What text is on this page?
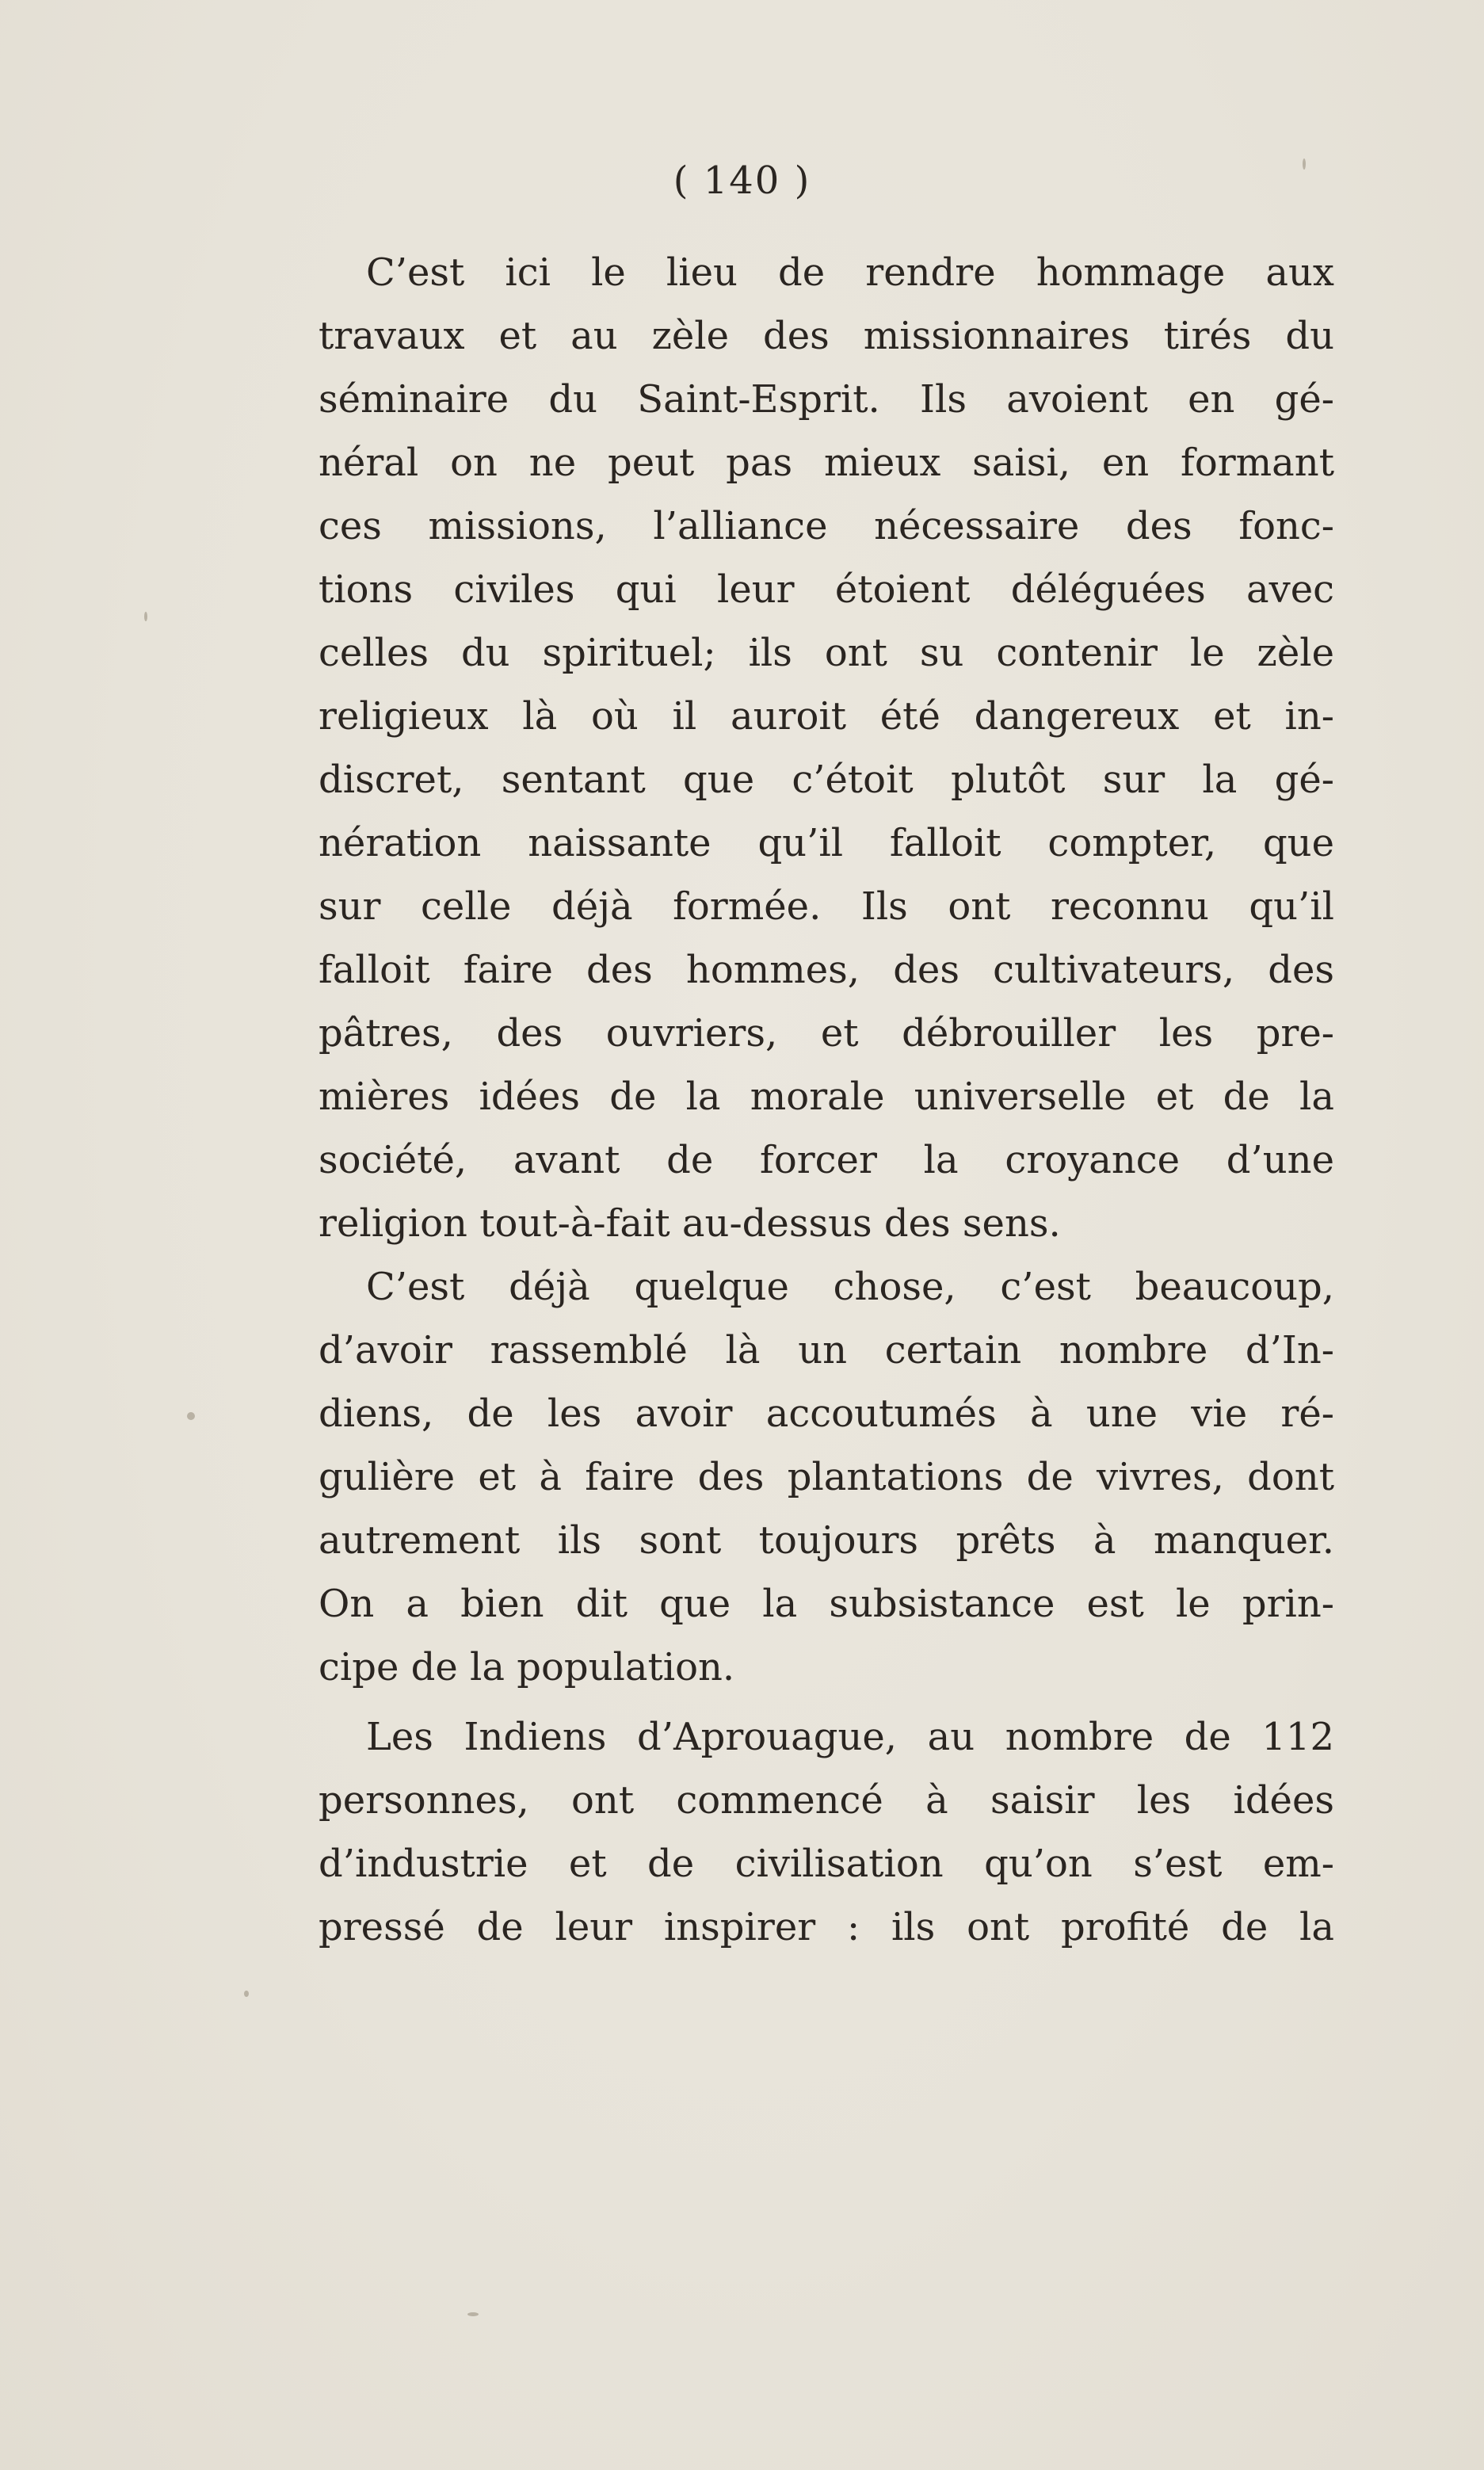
( 140 )
C’est ici le lieu de rendre hommage aux
travaux et au zèle des missionnaires tirés du
séminaire du Saint-Esprit. Ils avoient en gé-
néral on ne peut pas mieux saisi, en formant
ces missions, l’alliance nécessaire des fonc-
tions civiles qui leur étoient déléguées avec
celles du spirituel; ils ont su contenir le zèle
religieux là où il auroit été dangereux et in-
discret, sentant que c’étoit plutôt sur la gé-
nération naissante qu’il falloit compter, que
sur celle déjà formée. Ils ont reconnu qu’il
falloit faire des hommes, des cultivateurs, des
pâtres, des ouvriers, et débrouiller les pre-
mières idées de la morale universelle et de la
société, avant de forcer la croyance d’une
religion tout-à-fait au-dessus des sens.
C’est déjà quelque chose, c’est beaucoup,
d’avoir rassemblé là un certain nombre d’In-
diens, de les avoir accoutumés à une vie ré-
gulière et à faire des plantations de vivres, dont
autrement ils sont toujours prêts à manquer.
On a bien dit que la subsistance est le prin-
cipe de la population.
Les Indiens d’Aprouague, au nombre de 112
personnes, ont commencé à saisir les idées
d’industrie et de civilisation qu’on s’est em-
pressé de leur inspirer : ils ont profité de la
